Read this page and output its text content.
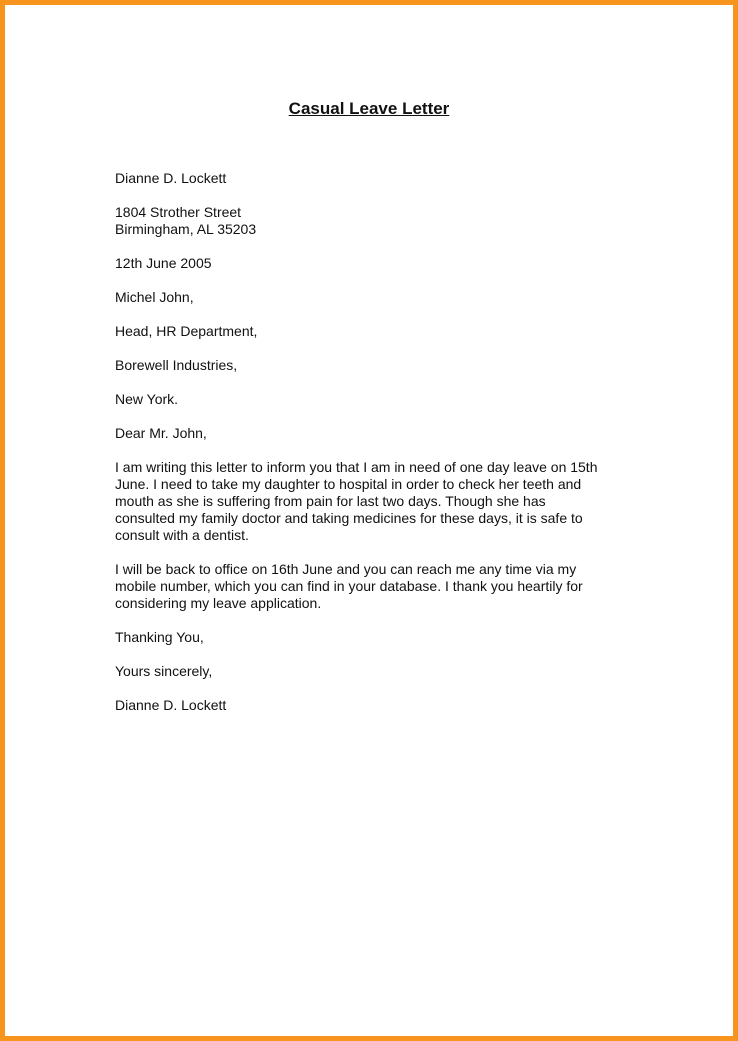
Casual Leave Letter

Dianne D. Lockett

1804 Strother Street
Birmingham, AL 35203

12th June 2005

Michel John,

Head, HR Department,

Borewell Industries,

New York.

Dear Mr. John,

I am writing this letter to inform you that I am in need of one day leave on 15th
June. I need to take my daughter to hospital in order to check her teeth and
mouth as she is suffering from pain for last two days. Though she has
consulted my family doctor and taking medicines for these days, it is safe to
consult with a dentist.

I will be back to office on 16th June and you can reach me any time via my
mobile number, which you can find in your database. I thank you heartily for
considering my leave application.

Thanking You,

Yours sincerely,

Dianne D. Lockett
